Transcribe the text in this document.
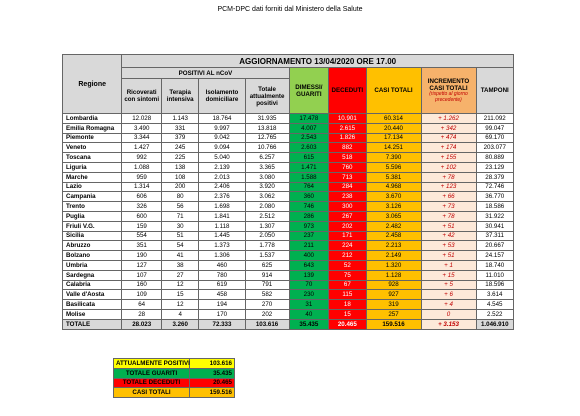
PCM-DPC dati forniti dal Ministero della Salute
Regione	AGGIORNAMENTO 13/04/2020 ORE 17.00								
	POSITIVI AL nCoV				DIMESSI/ GUARITI	DECEDUTI	CASI TOTALI	INCREMENTO CASI TOTALI
(rispetto al giorno precedente)	TAMPONI
	Ricoverati con sintomi	Terapia intensiva	Isolamento domiciliare	Totale attualmente positivi					
Lombardia	12.028	1.143	18.764	31.935	17.478	10.901	60.314	+ 1.262	211.092
Emilia Romagna	3.490	331	9.997	13.818	4.007	2.615	20.440	+ 342	99.047
Piemonte	3.344	379	9.042	12.765	2.543	1.826	17.134	+ 474	69.170
Veneto	1.427	245	9.094	10.766	2.603	882	14.251	+ 174	203.077
Toscana	992	225	5.040	6.257	615	518	7.390	+ 155	80.889
Liguria	1.088	138	2.139	3.365	1.471	760	5.596	+ 102	23.129
Marche	959	108	2.013	3.080	1.588	713	5.381	+ 78	28.379
Lazio	1.314	200	2.406	3.920	764	284	4.968	+ 123	72.746
Campania	606	80	2.376	3.062	360	238	3.670	+ 66	36.770
Trento	326	56	1.698	2.080	746	300	3.126	+ 73	18.586
Puglia	600	71	1.841	2.512	286	267	3.065	+ 78	31.922
Friuli V.G.	159	30	1.118	1.307	973	202	2.482	+ 51	30.941
Sicilia	554	51	1.445	2.050	237	171	2.458	+ 42	37.311
Abruzzo	351	54	1.373	1.778	211	224	2.213	+ 53	20.667
Bolzano	190	41	1.306	1.537	400	212	2.149	+ 51	24.157
Umbria	127	38	460	625	643	52	1.320	+ 1	18.740
Sardegna	107	27	780	914	139	75	1.128	+ 15	11.010
Calabria	160	12	619	791	70	67	928	+ 5	18.596
Valle d'Aosta	109	15	458	582	230	115	927	+ 6	3.614
Basilicata	64	12	194	270	31	18	319	+ 4	4.545
Molise	28	4	170	202	40	15	257	0	2.522
TOTALE	28.023	3.260	72.333	103.616	35.435	20.465	159.516	+ 3.153	1.046.910
ATTUALMENTE POSITIVI	103.616
TOTALE GUARITI	35.435
TOTALE DECEDUTI	20.465
CASI TOTALI	159.516
